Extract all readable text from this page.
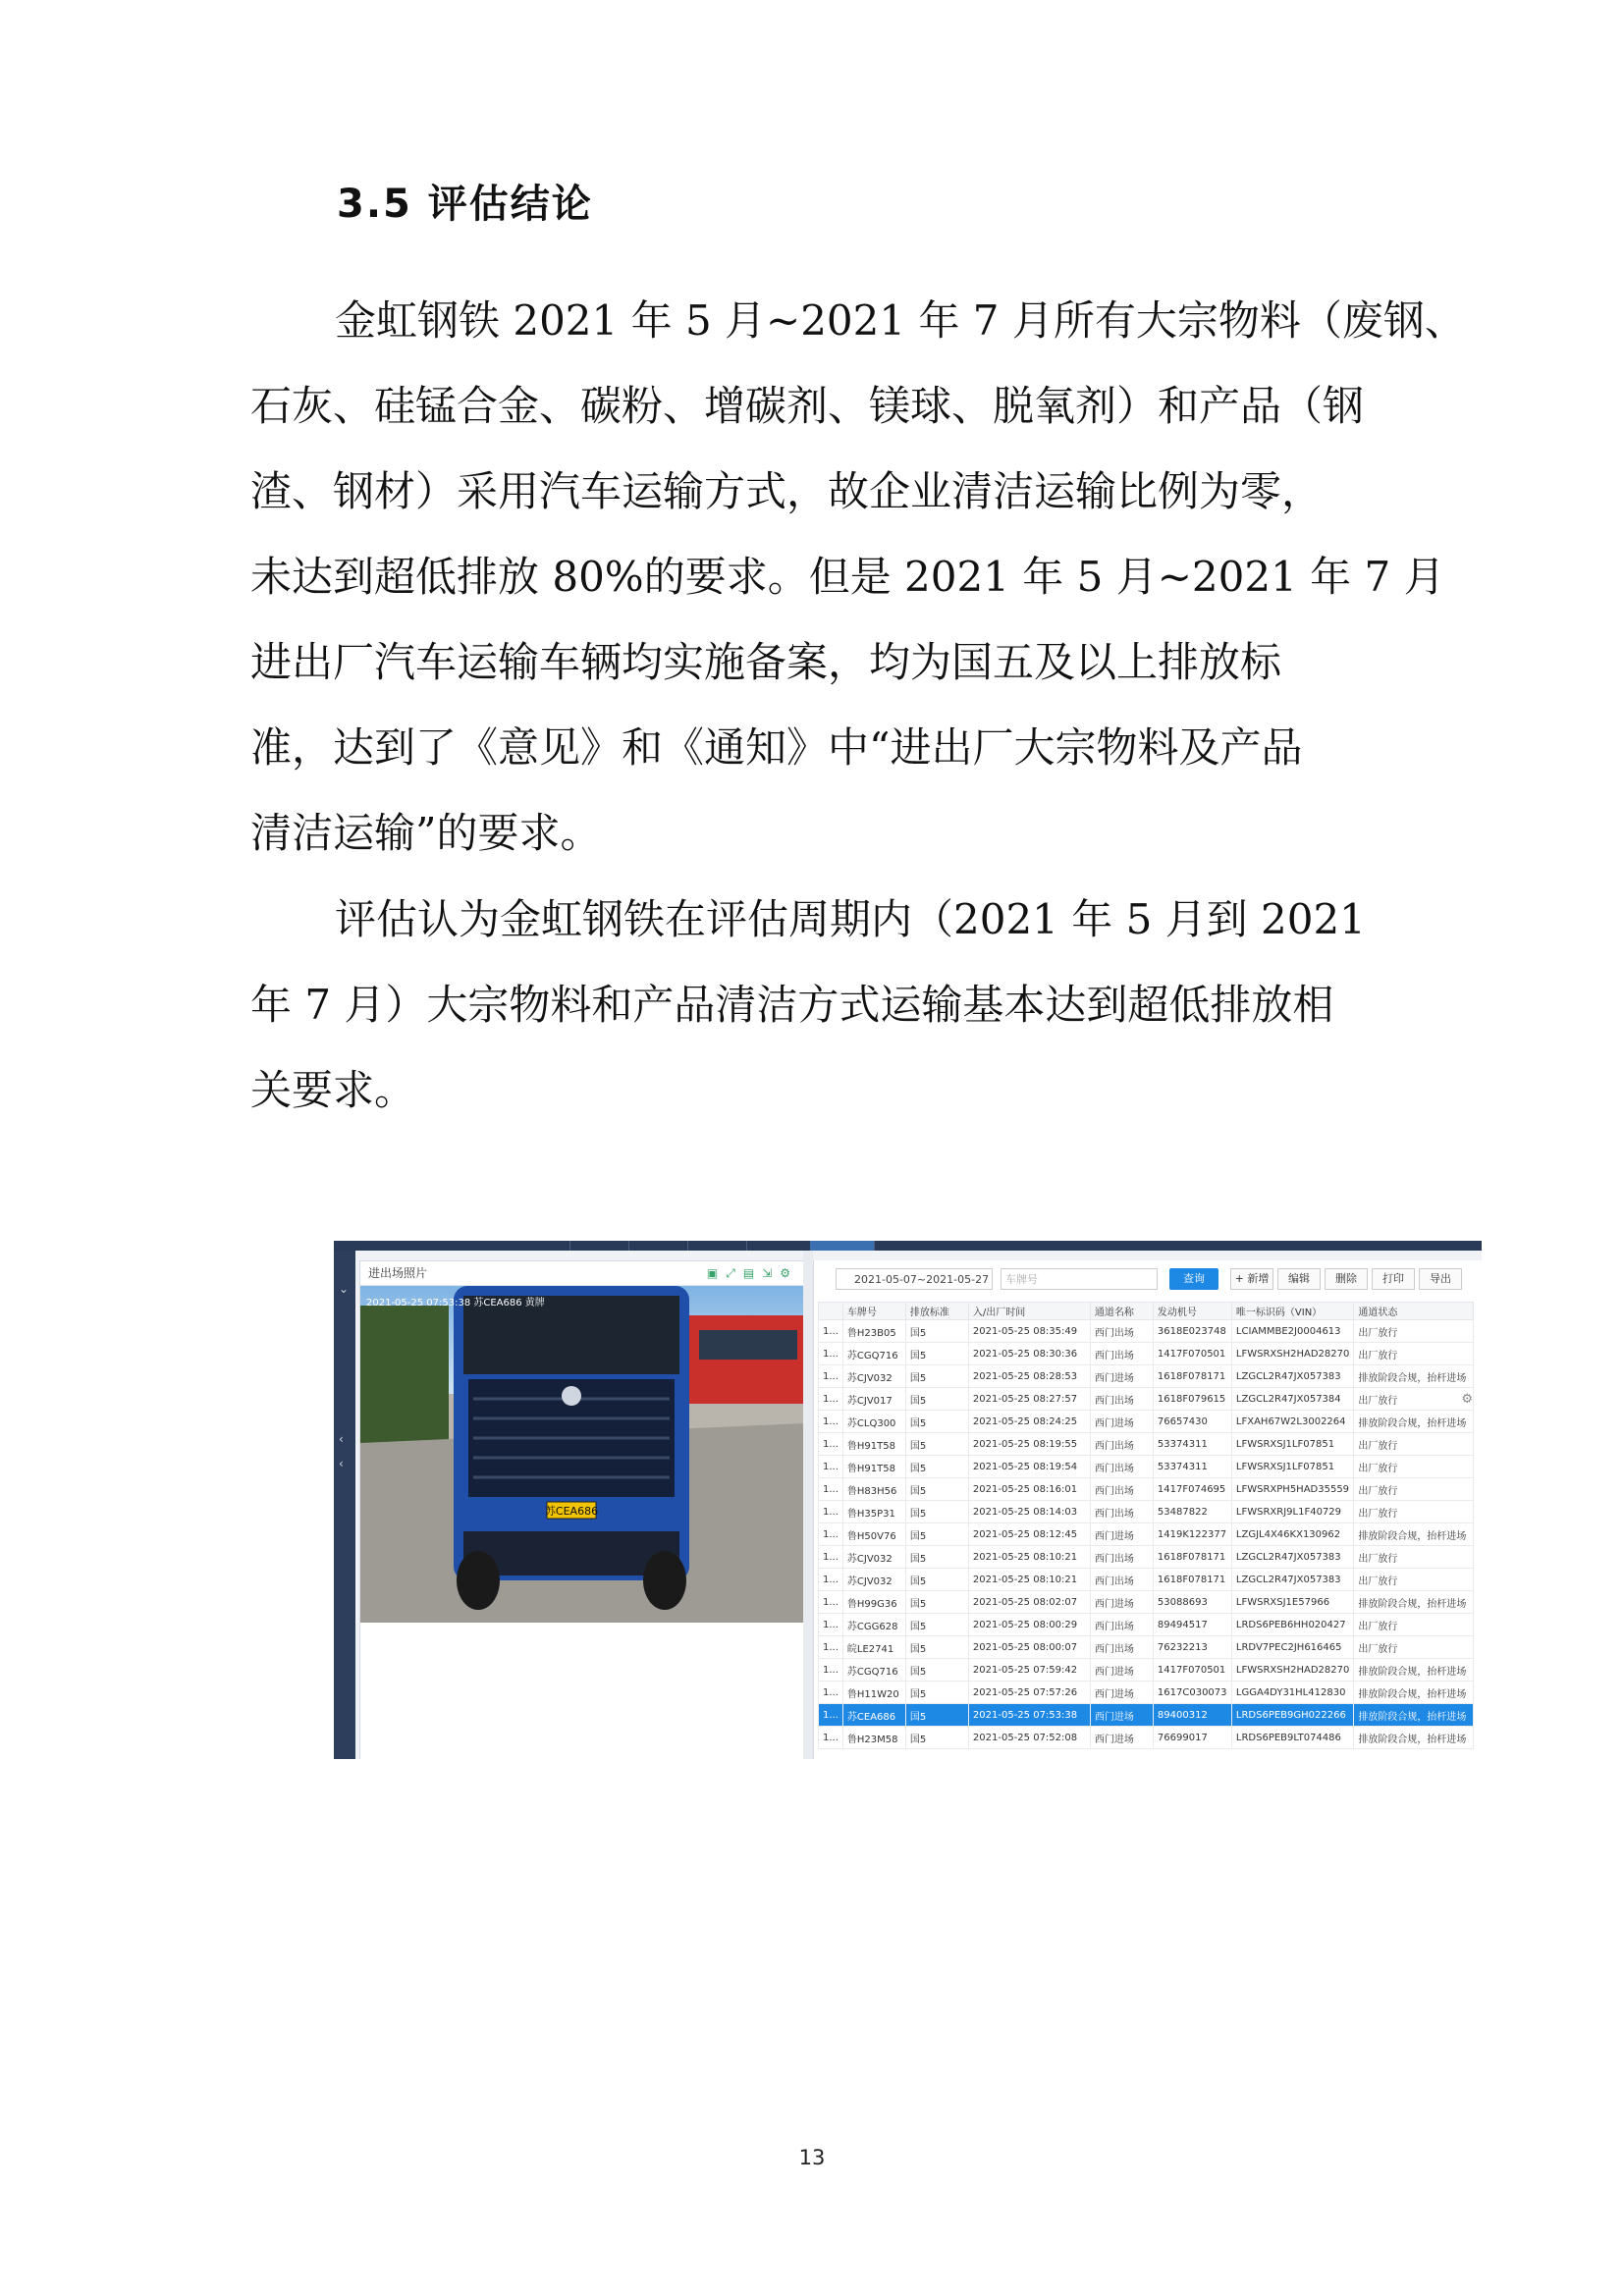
3.5 评估结论
金虹钢铁 2021 年 5 月~2021 年 7 月所有大宗物料（废钢、
石灰、硅锰合金、碳粉、增碳剂、镁球、脱氧剂）和产品（钢
渣、钢材）采用汽车运输方式，故企业清洁运输比例为零，
未达到超低排放 80%的要求。但是 2021 年 5 月~2021 年 7 月
进出厂汽车运输车辆均实施备案，均为国五及以上排放标
准，达到了《意见》和《通知》中“进出厂大宗物料及产品
清洁运输”的要求。
评估认为金虹钢铁在评估周期内（2021 年 5 月到 2021
年 7 月）大宗物料和产品清洁方式运输基本达到超低排放相
关要求。
⌄
‹
‹
进出场照片	▣⤢▤⇲⚙
苏CEA686
2021-05-25 07:53:38 苏CEA686 黄牌
2021-05-07~2021-05-27	车牌号	查询	+ 新增	编辑	删除	打印	导出
	车牌号	排放标准	入/出厂时间	通道名称	发动机号	唯一标识码（VIN）	通道状态
1...	鲁H23B05	国5	2021-05-25 08:35:49	西门出场	3618E023748	LCIAMMBE2J0004613	出厂放行
1...	苏CGQ716	国5	2021-05-25 08:30:36	西门出场	1417F070501	LFWSRXSH2HAD28270	出厂放行
1...	苏CJV032	国5	2021-05-25 08:28:53	西门进场	1618F078171	LZGCL2R47JX057383	排放阶段合规，抬杆进场
1...	苏CJV017	国5	2021-05-25 08:27:57	西门出场	1618F079615	LZGCL2R47JX057384	出厂放行
1...	苏CLQ300	国5	2021-05-25 08:24:25	西门进场	76657430	LFXAH67W2L3002264	排放阶段合规，抬杆进场
1...	鲁H91T58	国5	2021-05-25 08:19:55	西门出场	53374311	LFWSRXSJ1LF07851	出厂放行
1...	鲁H91T58	国5	2021-05-25 08:19:54	西门出场	53374311	LFWSRXSJ1LF07851	出厂放行
1...	鲁H83H56	国5	2021-05-25 08:16:01	西门出场	1417F074695	LFWSRXPH5HAD35559	出厂放行
1...	鲁H35P31	国5	2021-05-25 08:14:03	西门出场	53487822	LFWSRXRJ9L1F40729	出厂放行
1...	鲁H50V76	国5	2021-05-25 08:12:45	西门进场	1419K122377	LZGJL4X46KX130962	排放阶段合规，抬杆进场
1...	苏CJV032	国5	2021-05-25 08:10:21	西门出场	1618F078171	LZGCL2R47JX057383	出厂放行
1...	苏CJV032	国5	2021-05-25 08:10:21	西门出场	1618F078171	LZGCL2R47JX057383	出厂放行
1...	鲁H99G36	国5	2021-05-25 08:02:07	西门进场	53088693	LFWSRXSJ1E57966	排放阶段合规，抬杆进场
1...	苏CGG628	国5	2021-05-25 08:00:29	西门出场	89494517	LRDS6PEB6HH020427	出厂放行
1...	皖LE2741	国5	2021-05-25 08:00:07	西门出场	76232213	LRDV7PEC2JH616465	出厂放行
1...	苏CGQ716	国5	2021-05-25 07:59:42	西门进场	1417F070501	LFWSRXSH2HAD28270	排放阶段合规，抬杆进场
1...	鲁H11W20	国5	2021-05-25 07:57:26	西门进场	1617C030073	LGGA4DY31HL412830	排放阶段合规，抬杆进场
1...	苏CEA686	国5	2021-05-25 07:53:38	西门进场	89400312	LRDS6PEB9GH022266	排放阶段合规，抬杆进场
1...	鲁H23M58	国5	2021-05-25 07:52:08	西门进场	76699017	LRDS6PEB9LT074486	排放阶段合规，抬杆进场
⚙
13
